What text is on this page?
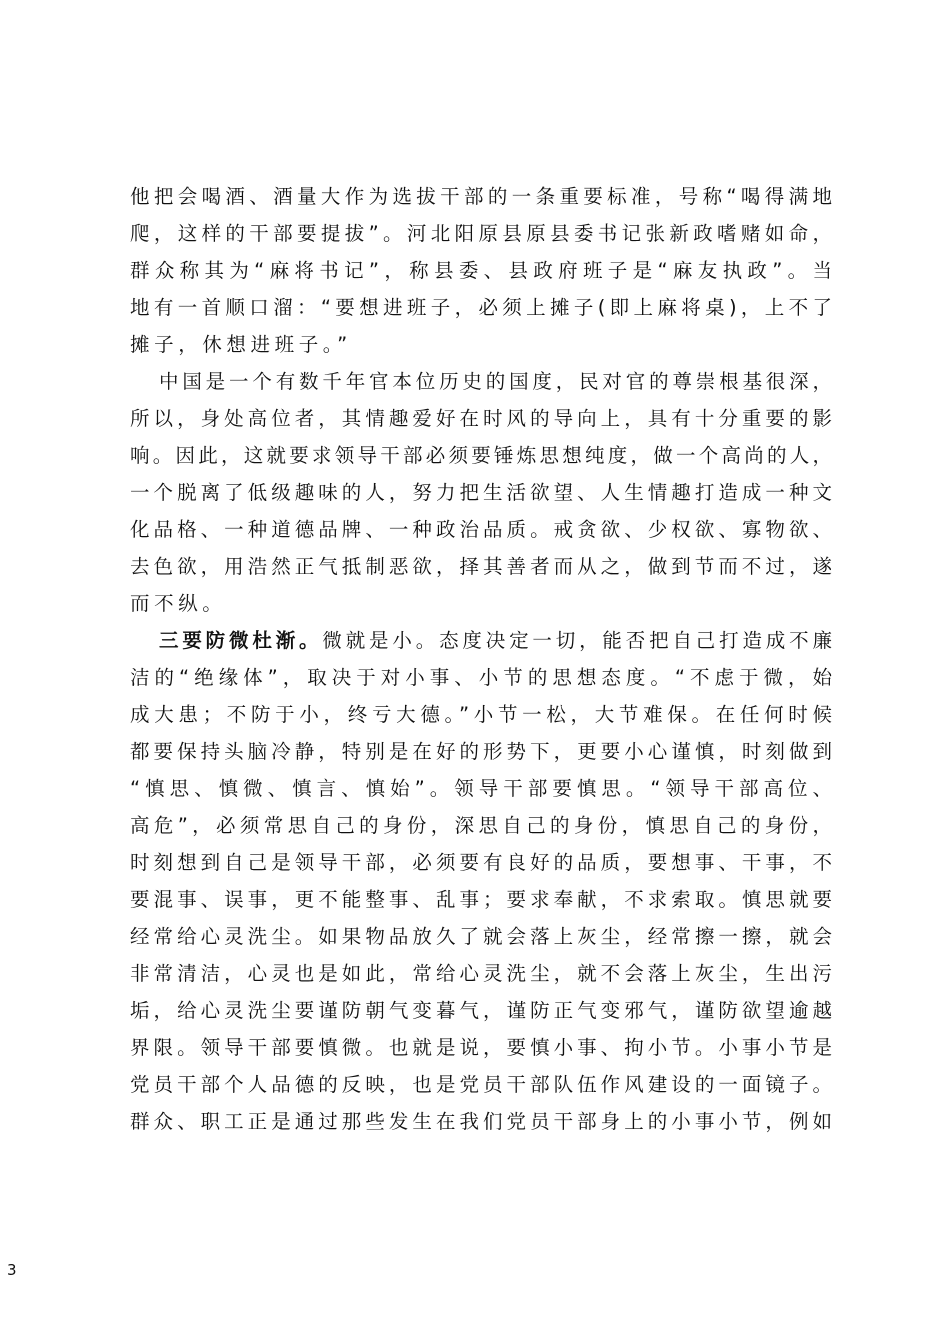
他把会喝酒、酒量大作为选拔干部的一条重要标准，号称“喝得满地
爬，这样的干部要提拔”。河北阳原县原县委书记张新政嗜赌如命，
群众称其为“麻将书记”，称县委、县政府班子是“麻友执政”。当
地有一首顺口溜：“要想进班子，必须上摊子(即上麻将桌)，上不了
摊子，休想进班子。”
中国是一个有数千年官本位历史的国度，民对官的尊崇根基很深，
所以，身处高位者，其情趣爱好在时风的导向上，具有十分重要的影
响。因此，这就要求领导干部必须要锤炼思想纯度，做一个高尚的人，
一个脱离了低级趣味的人，努力把生活欲望、人生情趣打造成一种文
化品格、一种道德品牌、一种政治品质。戒贪欲、少权欲、寡物欲、
去色欲，用浩然正气抵制恶欲，择其善者而从之，做到节而不过，遂
而不纵。
三要防微杜渐。微就是小。态度决定一切，能否把自己打造成不廉
洁的“绝缘体”，取决于对小事、小节的思想态度。“不虑于微，始
成大患；不防于小，终亏大德。”小节一松，大节难保。在任何时候
都要保持头脑冷静，特别是在好的形势下，更要小心谨慎，时刻做到
“慎思、慎微、慎言、慎始”。领导干部要慎思。“领导干部高位、
高危”，必须常思自己的身份，深思自己的身份，慎思自己的身份，
时刻想到自己是领导干部，必须要有良好的品质，要想事、干事，不
要混事、误事，更不能整事、乱事；要求奉献，不求索取。慎思就要
经常给心灵洗尘。如果物品放久了就会落上灰尘，经常擦一擦，就会
非常清洁，心灵也是如此，常给心灵洗尘，就不会落上灰尘，生出污
垢，给心灵洗尘要谨防朝气变暮气，谨防正气变邪气，谨防欲望逾越
界限。领导干部要慎微。也就是说，要慎小事、拘小节。小事小节是
党员干部个人品德的反映，也是党员干部队伍作风建设的一面镜子。
群众、职工正是通过那些发生在我们党员干部身上的小事小节，例如
3
